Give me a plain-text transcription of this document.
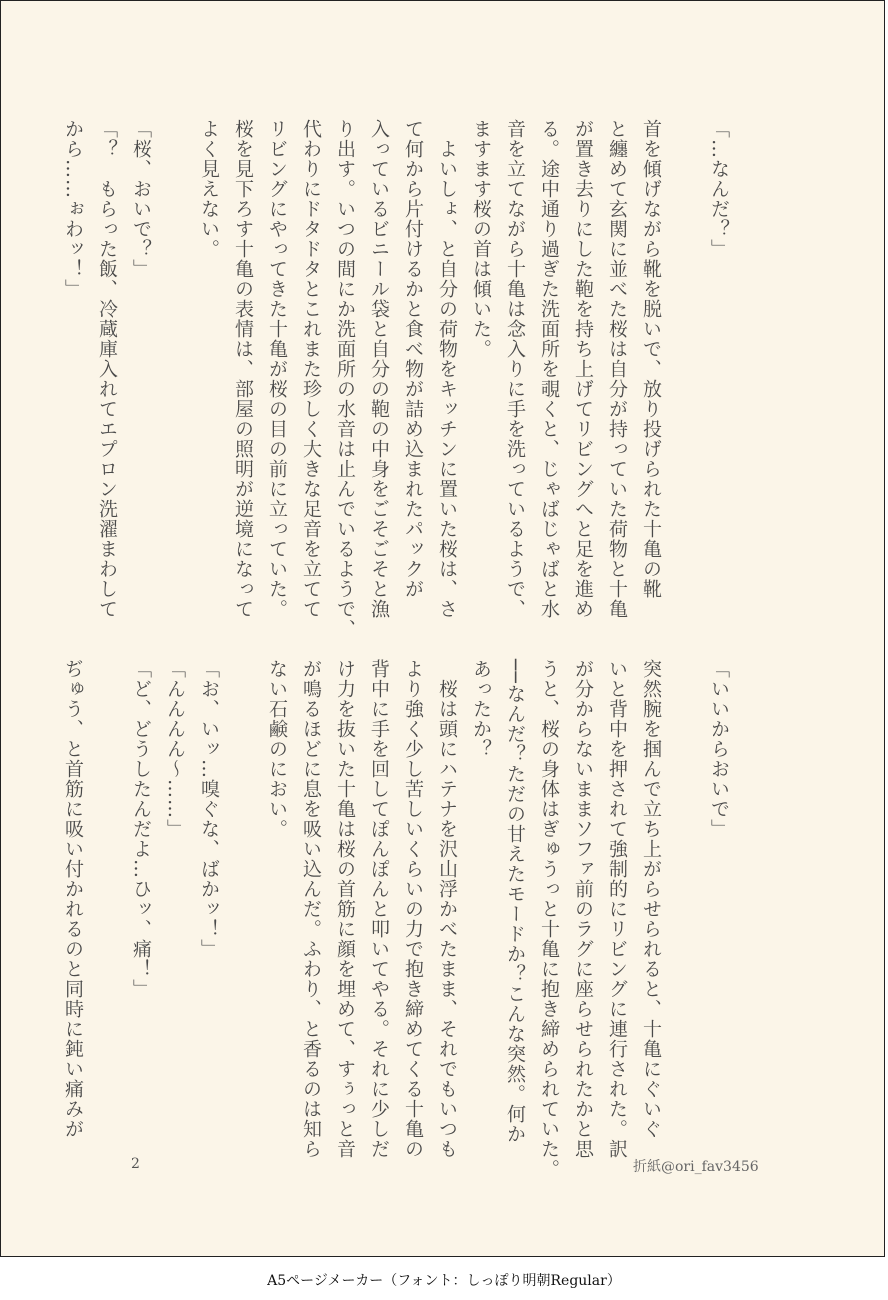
「…なんだ？」

首を傾げながら靴を脱いで、放り投げられた十亀の靴

と纏めて玄関に並べた桜は自分が持っていた荷物と十亀

が置き去りにした鞄を持ち上げてリビングへと足を進め

る。途中通り過ぎた洗面所を覗くと、じゃばじゃばと水

音を立てながら十亀は念入りに手を洗っているようで、

ますます桜の首は傾いた。

　よいしょ、と自分の荷物をキッチンに置いた桜は、さ

て何から片付けるかと食べ物が詰め込まれたパックが

入っているビニール袋と自分の鞄の中身をごそごそと漁

り出す。いつの間にか洗面所の水音は止んでいるようで、

代わりにドタドタとこれまた珍しく大きな足音を立てて

リビングにやってきた十亀が桜の目の前に立っていた。

桜を見下ろす十亀の表情は、部屋の照明が逆境になって

よく見えない。

「桜、おいで？」

「？　もらった飯、冷蔵庫入れてエプロン洗濯まわして

から……ぉわッ！」

「いいからおいで」

突然腕を掴んで立ち上がらせられると、十亀にぐいぐ

いと背中を押されて強制的にリビングに連行された。訳

が分からないままソファ前のラグに座らせられたかと思

うと、桜の身体はぎゅうっと十亀に抱き締められていた。

──なんだ？ただの甘えたモードか？こんな突然。何か

あったか？

　桜は頭にハテナを沢山浮かべたまま、それでもいつも

より強く少し苦しいくらいの力で抱き締めてくる十亀の

背中に手を回してぽんぽんと叩いてやる。それに少しだ

け力を抜いた十亀は桜の首筋に顔を埋めて、すぅっと音

が鳴るほどに息を吸い込んだ。ふわり、と香るのは知ら

ない石鹸のにおい。

「お、いッ…嗅ぐな、ばかッ！」

「んんんん〜……」

「ど、どうしたんだよ…ひッ、痛！」

ぢゅう、と首筋に吸い付かれるのと同時に鈍い痛みが

2	折紙@ori_fav3456
A5ページメーカー（フォント：しっぽり明朝Regular）
